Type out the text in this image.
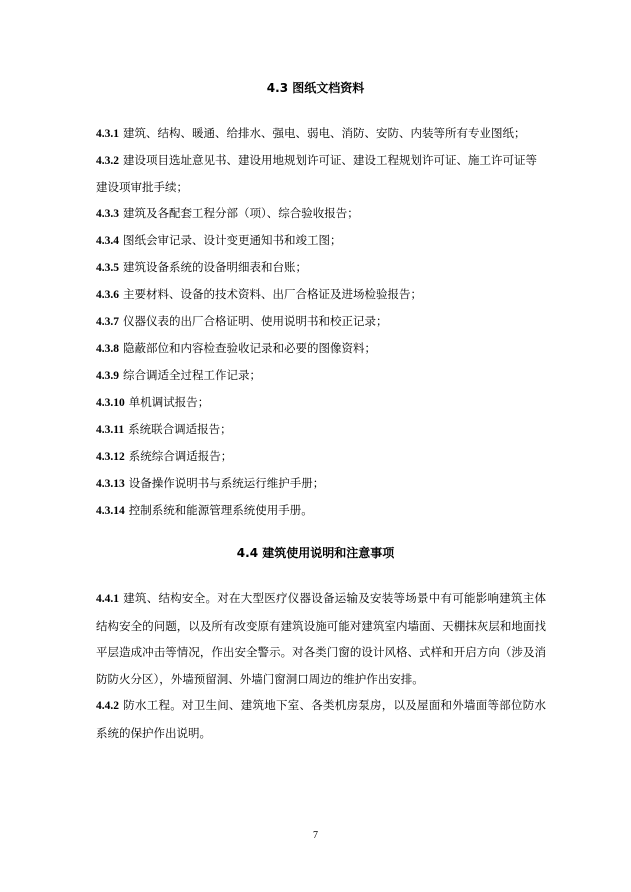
4.3 图纸文档资料
4.3.1 建筑、结构、暖通、给排水、强电、弱电、消防、安防、内装等所有专业图纸；
4.3.2 建设项目选址意见书、建设用地规划许可证、建设工程规划许可证、施工许可证等建设项审批手续；
4.3.3 建筑及各配套工程分部（项）、综合验收报告；
4.3.4 图纸会审记录、设计变更通知书和竣工图；
4.3.5 建筑设备系统的设备明细表和台账；
4.3.6 主要材料、设备的技术资料、出厂合格证及进场检验报告；
4.3.7 仪器仪表的出厂合格证明、使用说明书和校正记录；
4.3.8 隐蔽部位和内容检查验收记录和必要的图像资料；
4.3.9 综合调适全过程工作记录；
4.3.10 单机调试报告；
4.3.11 系统联合调适报告；
4.3.12 系统综合调适报告；
4.3.13 设备操作说明书与系统运行维护手册；
4.3.14 控制系统和能源管理系统使用手册。
4.4 建筑使用说明和注意事项

4.4.1 建筑、结构安全。对在大型医疗仪器设备运输及安装等场景中有可能影响建筑主体结构安全的问题，以及所有改变原有建筑设施可能对建筑室内墙面、天棚抹灰层和地面找平层造成冲击等情况，作出安全警示。对各类门窗的设计风格、式样和开启方向（涉及消防防火分区），外墙预留洞、外墙门窗洞口周边的维护作出安排。

4.4.2 防水工程。对卫生间、建筑地下室、各类机房泵房，以及屋面和外墙面等部位防水系统的保护作出说明。

7
